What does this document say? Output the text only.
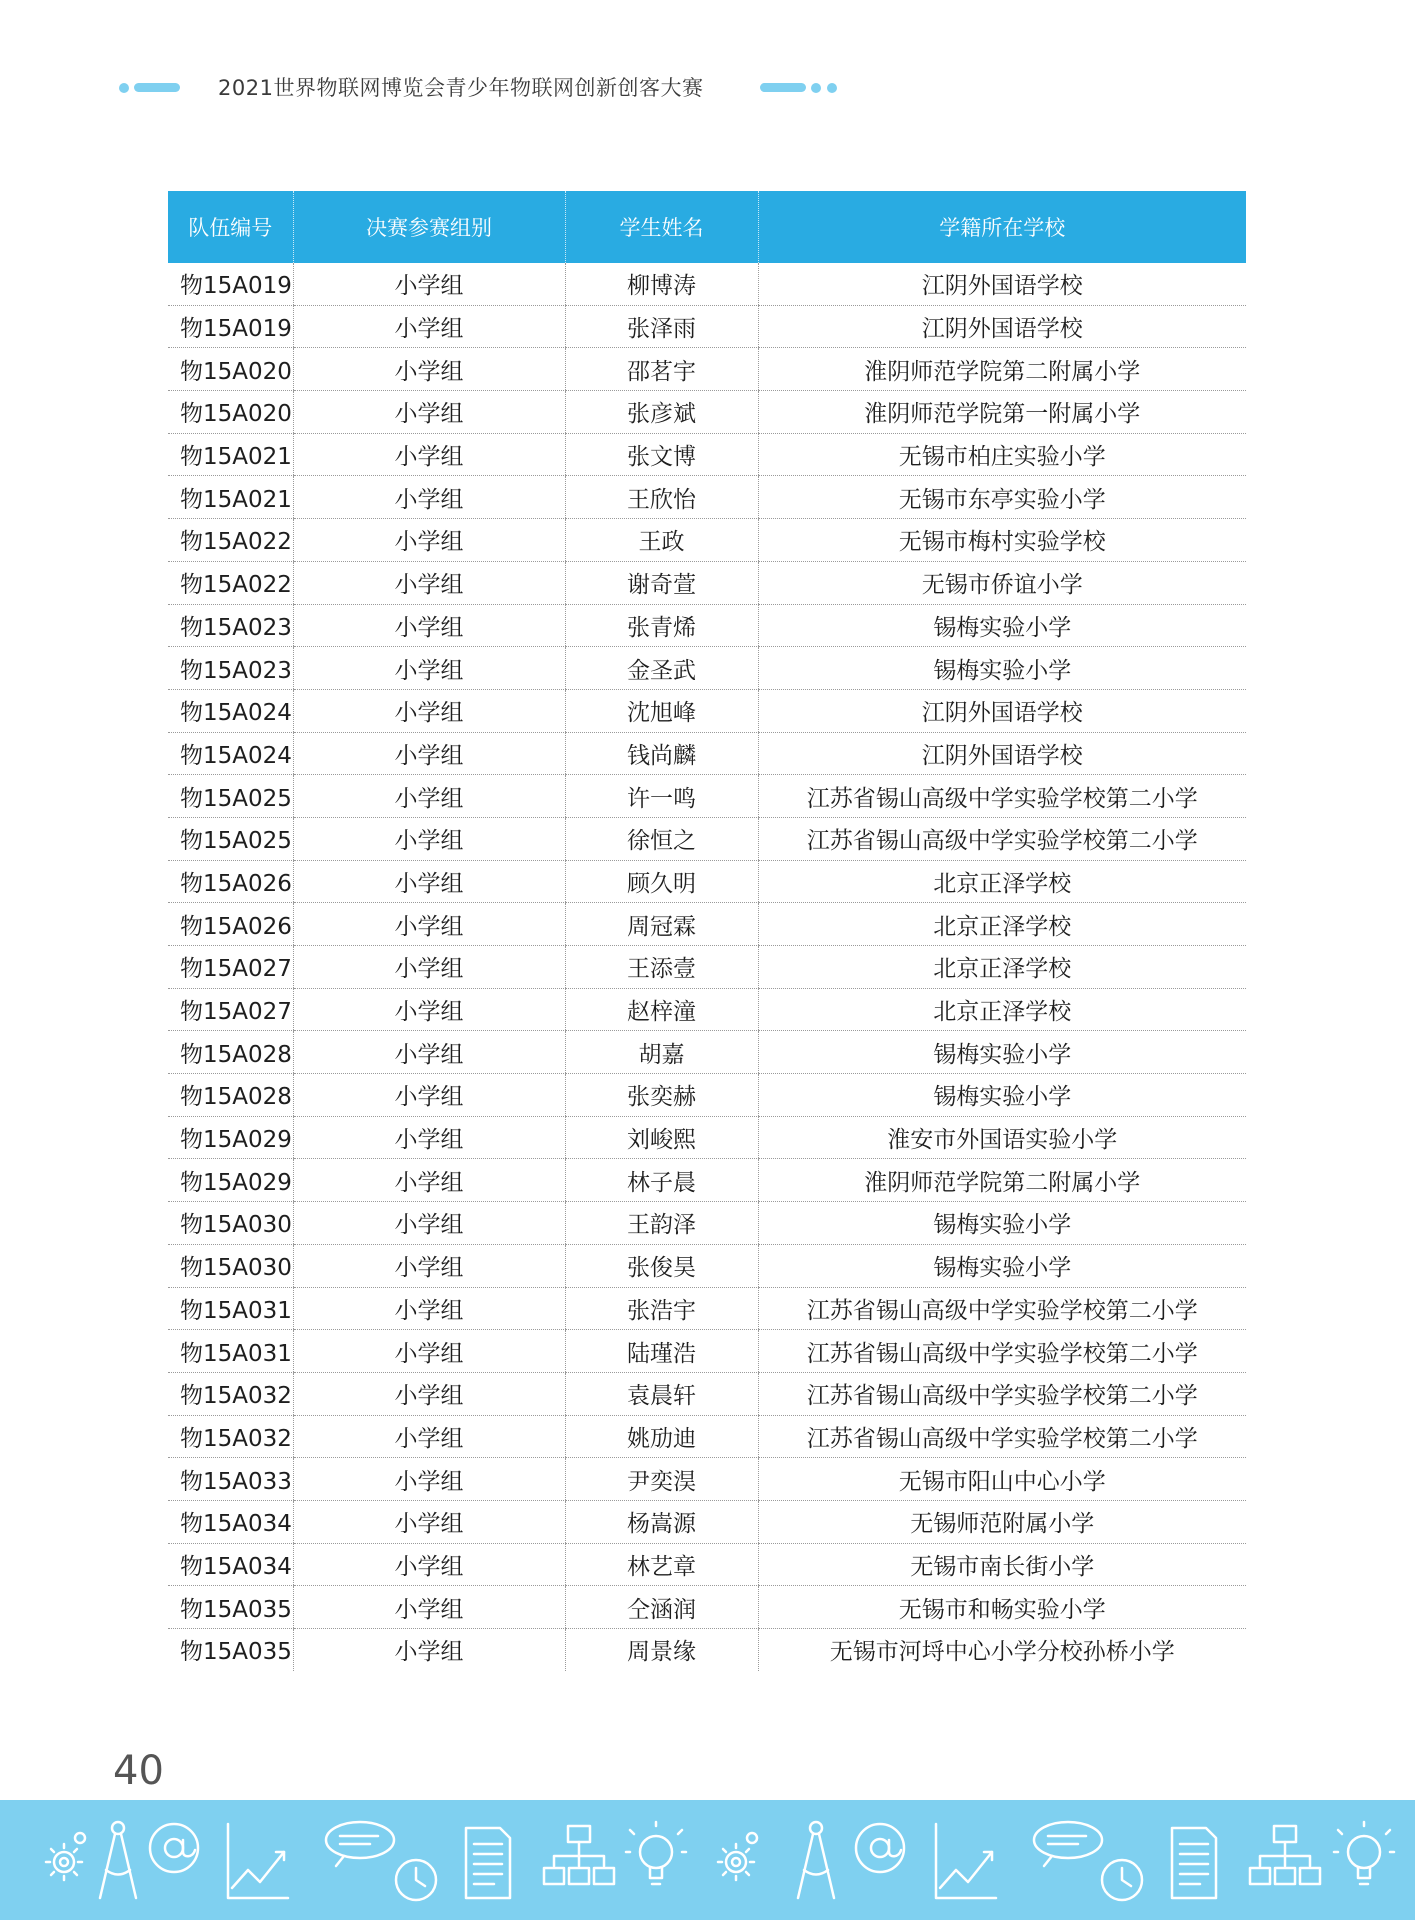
2021世界物联网博览会青少年物联网创新创客大赛
队伍编号	决赛参赛组别	学生姓名	学籍所在学校
物15A019	小学组	柳博涛	江阴外国语学校
物15A019	小学组	张泽雨	江阴外国语学校
物15A020	小学组	邵茗宇	淮阴师范学院第二附属小学
物15A020	小学组	张彦斌	淮阴师范学院第一附属小学
物15A021	小学组	张文博	无锡市柏庄实验小学
物15A021	小学组	王欣怡	无锡市东亭实验小学
物15A022	小学组	王政	无锡市梅村实验学校
物15A022	小学组	谢奇萱	无锡市侨谊小学
物15A023	小学组	张青烯	锡梅实验小学
物15A023	小学组	金圣武	锡梅实验小学
物15A024	小学组	沈旭峰	江阴外国语学校
物15A024	小学组	钱尚麟	江阴外国语学校
物15A025	小学组	许一鸣	江苏省锡山高级中学实验学校第二小学
物15A025	小学组	徐恒之	江苏省锡山高级中学实验学校第二小学
物15A026	小学组	顾久明	北京正泽学校
物15A026	小学组	周冠霖	北京正泽学校
物15A027	小学组	王添壹	北京正泽学校
物15A027	小学组	赵梓潼	北京正泽学校
物15A028	小学组	胡嘉	锡梅实验小学
物15A028	小学组	张奕赫	锡梅实验小学
物15A029	小学组	刘峻熙	淮安市外国语实验小学
物15A029	小学组	林子晨	淮阴师范学院第二附属小学
物15A030	小学组	王韵泽	锡梅实验小学
物15A030	小学组	张俊昊	锡梅实验小学
物15A031	小学组	张浩宇	江苏省锡山高级中学实验学校第二小学
物15A031	小学组	陆瑾浩	江苏省锡山高级中学实验学校第二小学
物15A032	小学组	袁晨轩	江苏省锡山高级中学实验学校第二小学
物15A032	小学组	姚劢迪	江苏省锡山高级中学实验学校第二小学
物15A033	小学组	尹奕淏	无锡市阳山中心小学
物15A034	小学组	杨嵩源	无锡师范附属小学
物15A034	小学组	林艺章	无锡市南长街小学
物15A035	小学组	仝涵润	无锡市和畅实验小学
物15A035	小学组	周景缘	无锡市河埒中心小学分校孙桥小学
40
